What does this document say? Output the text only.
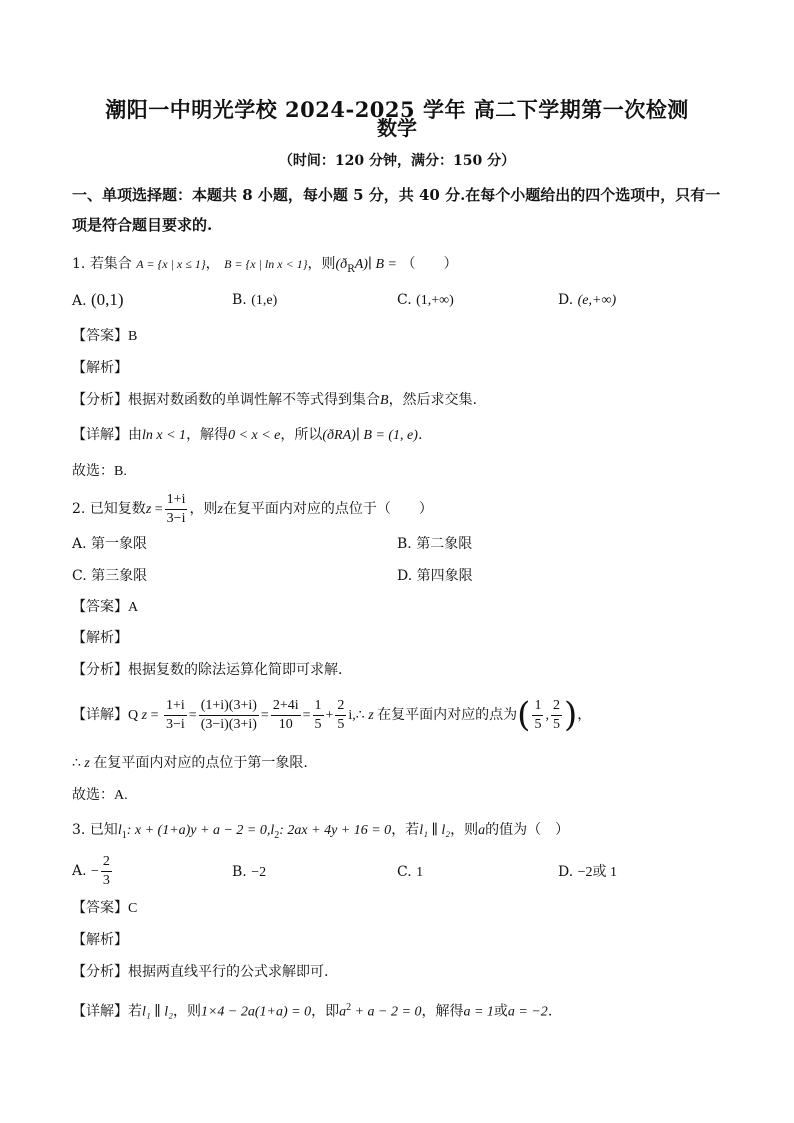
潮阳一中明光学校 2024-2025 学年 高二下学期第一次检测
数学
（时间：120 分钟，满分：150 分）
一、单项选择题：本题共 8 小题，每小题 5 分，共 40 分.在每个小题给出的四个选项中，只有一项是符合题目要求的.
1. 若集合 A = {x | x ≤ 1}， B = {x | ln x < 1}，则$(ð_RA)∣$ B = （　　）
A. (0,1)	B. (1,e)	C. (1,+∞)	D. (e,+∞)
【答案】B
【解析】
【分析】根据对数函数的单调性解不等式得到集合B，然后求交集.
【详解】由ln x < 1，解得0 < x < e，所以(ðRA)∣ B = (1, e).
故选：B.
2. 已知复数$z = \frac{1+i}{3-i}$ ，则z在复平面内对应的点位于（　　）
A. 第一象限	B. 第二象限
C. 第三象限	D. 第四象限
【答案】A
【解析】
【分析】根据复数的除法运算化简即可求解.
【详解】Q $z = \frac{1+i}{3-i} = \frac{(1+i)(3+i)}{(3-i)(3+i)} = \frac{2+4i}{10} = \frac{1}{5} + \frac{2}{5}$ i,∴ z 在复平面内对应的点为( $\frac{1}{5}$ , $\frac{2}{5}$ )，
∴ z 在复平面内对应的点位于第一象限.
故选：A.
3. 已知$l_1$: $x + (1+a)y + a - 2 = 0,l_2$: 2ax + 4y + 16 = 0，若l₁ ∥ l₂，则a的值为（　）
A. − $\frac{2}{3}$	B. −2	C. 1	D. −2或 1
【答案】C
【解析】
【分析】根据两直线平行的公式求解即可.
【详解】若l₁ ∥ l₂，则1×4 − 2a(1+a) = 0，即$a^2 + a - 2 = 0$，解得a = 1或a = −2.
